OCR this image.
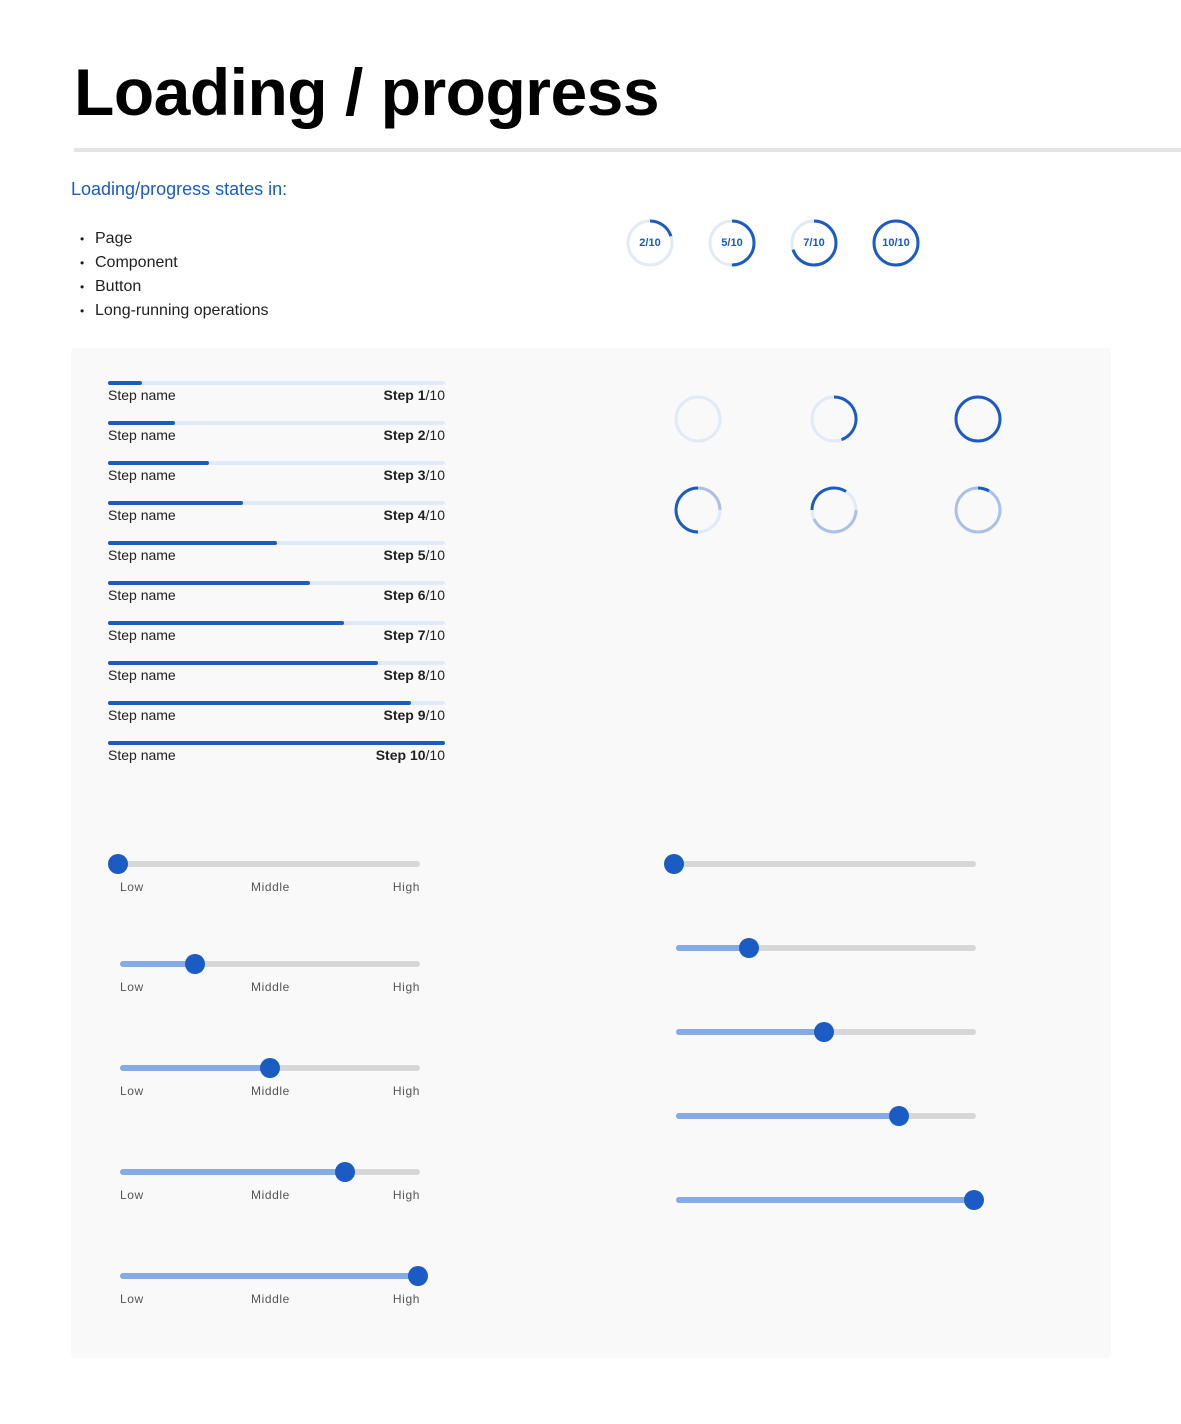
Loading / progress
Loading/progress states in:
• Page
• Component
• Button
• Long-running operations
2/10	5/10	7/10	10/10
Step name	Step 1/10
Step name	Step 2/10
Step name	Step 3/10
Step name	Step 4/10
Step name	Step 5/10
Step name	Step 6/10
Step name	Step 7/10
Step name	Step 8/10
Step name	Step 9/10
Step name	Step 10/10
Low	Middle	High
Low	Middle	High
Low	Middle	High
Low	Middle	High
Low	Middle	High
